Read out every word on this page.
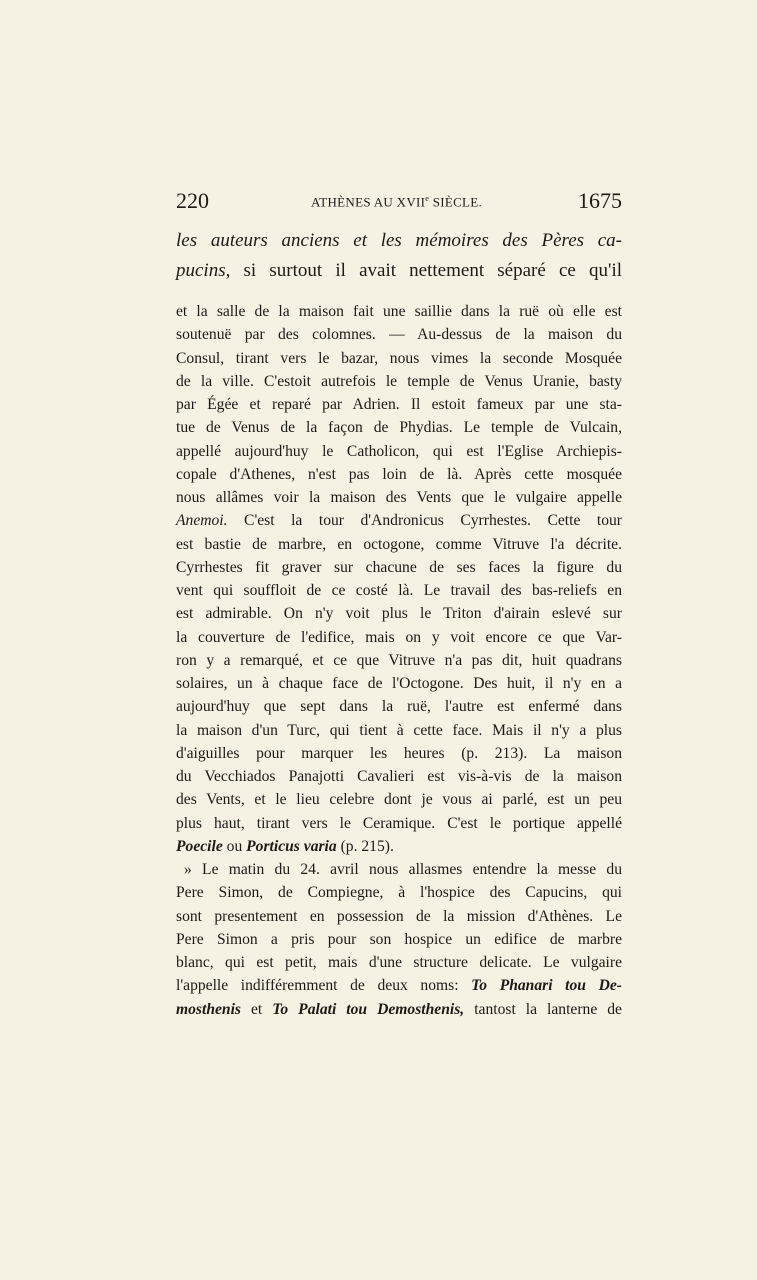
220	ATHÈNES AU XVIIe SIÈCLE.	1675
les auteurs anciens et les mémoires des Pères ca-
pucins, si surtout il avait nettement séparé ce qu'il
et la salle de la maison fait une saillie dans la ruë où elle est
soutenuë par des colomnes. — Au-dessus de la maison du
Consul, tirant vers le bazar, nous vimes la seconde Mosquée
de la ville. C'estoit autrefois le temple de Venus Uranie, basty
par Égée et reparé par Adrien. Il estoit fameux par une sta-
tue de Venus de la façon de Phydias. Le temple de Vulcain,
appellé aujourd'huy le Catholicon, qui est l'Eglise Archiepis-
copale d'Athenes, n'est pas loin de là. Après cette mosquée
nous allâmes voir la maison des Vents que le vulgaire appelle
Anemoi. C'est la tour d'Andronicus Cyrrhestes. Cette tour
est bastie de marbre, en octogone, comme Vitruve l'a décrite.
Cyrrhestes fit graver sur chacune de ses faces la figure du
vent qui souffloit de ce costé là. Le travail des bas-reliefs en
est admirable. On n'y voit plus le Triton d'airain eslevé sur
la couverture de l'edifice, mais on y voit encore ce que Var-
ron y a remarqué, et ce que Vitruve n'a pas dit, huit quadrans
solaires, un à chaque face de l'Octogone. Des huit, il n'y en a
aujourd'huy que sept dans la ruë, l'autre est enfermé dans
la maison d'un Turc, qui tient à cette face. Mais il n'y a plus
d'aiguilles pour marquer les heures (p. 213). La maison
du Vecchiados Panajotti Cavalieri est vis-à-vis de la maison
des Vents, et le lieu celebre dont je vous ai parlé, est un peu
plus haut, tirant vers le Ceramique. C'est le portique appellé
Poecile ou Porticus varia (p. 215).
» Le matin du 24. avril nous allasmes entendre la messe du
Pere Simon, de Compiegne, à l'hospice des Capucins, qui
sont presentement en possession de la mission d'Athènes. Le
Pere Simon a pris pour son hospice un edifice de marbre
blanc, qui est petit, mais d'une structure delicate. Le vulgaire
l'appelle indifféremment de deux noms: To Phanari tou De-
mosthenis et To Palati tou Demosthenis, tantost la lanterne de
